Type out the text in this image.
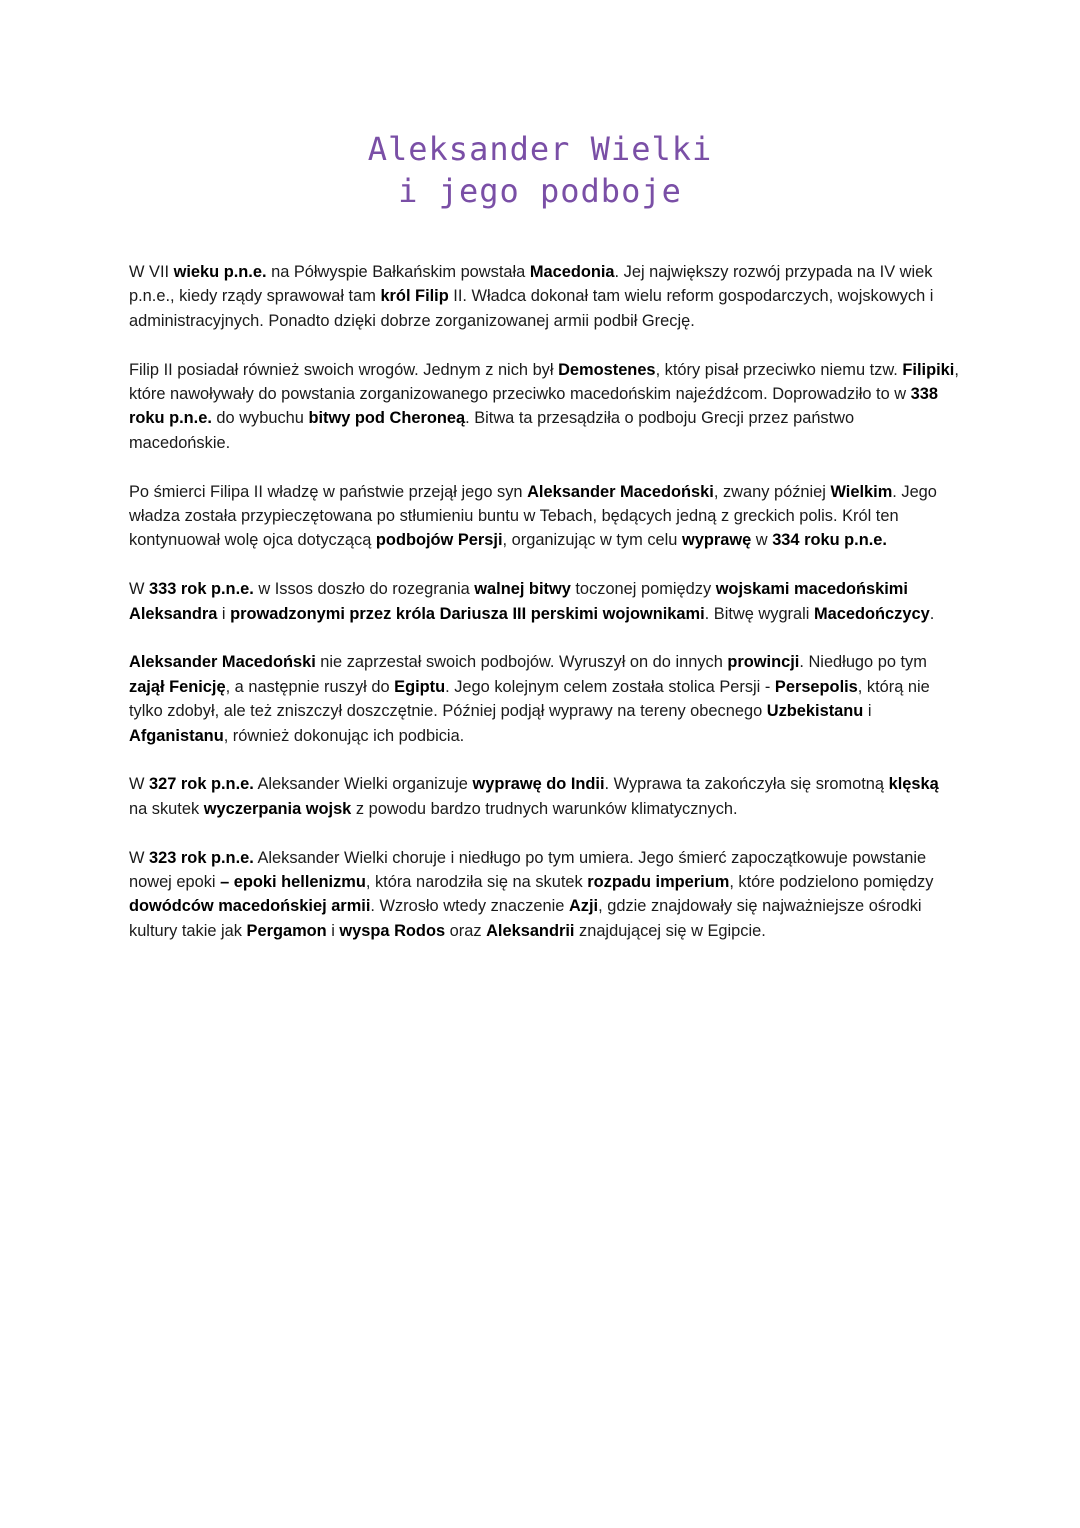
Aleksander Wielki
i jego podboje

W VII wieku p.n.e. na Półwyspie Bałkańskim powstała Macedonia. Jej największy rozwój przypada na IV wiek p.n.e., kiedy rządy sprawował tam król Filip II. Władca dokonał tam wielu reform gospodarczych, wojskowych i administracyjnych. Ponadto dzięki dobrze zorganizowanej armii podbił Grecję.

Filip II posiadał również swoich wrogów. Jednym z nich był Demostenes, który pisał przeciwko niemu tzw. Filipiki, które nawoływały do powstania zorganizowanego przeciwko macedońskim najeźdźcom. Doprowadziło to w 338 roku p.n.e. do wybuchu bitwy pod Cheroneą. Bitwa ta przesądziła o podboju Grecji przez państwo macedońskie.

Po śmierci Filipa II władzę w państwie przejął jego syn Aleksander Macedoński, zwany później Wielkim. Jego władza została przypieczętowana po stłumieniu buntu w Tebach, będących jedną z greckich polis. Król ten kontynuował wolę ojca dotyczącą podbojów Persji, organizując w tym celu wyprawę w 334 roku p.n.e.

W 333 rok p.n.e. w Issos doszło do rozegrania walnej bitwy toczonej pomiędzy wojskami macedońskimi Aleksandra i prowadzonymi przez króla Dariusza III perskimi wojownikami. Bitwę wygrali Macedończycy.

Aleksander Macedoński nie zaprzestał swoich podbojów. Wyruszył on do innych prowincji. Niedługo po tym zajął Fenicję, a następnie ruszył do Egiptu. Jego kolejnym celem została stolica Persji - Persepolis, którą nie tylko zdobył, ale też zniszczył doszczętnie. Później podjął wyprawy na tereny obecnego Uzbekistanu i Afganistanu, również dokonując ich podbicia.

W 327 rok p.n.e. Aleksander Wielki organizuje wyprawę do Indii. Wyprawa ta zakończyła się sromotną klęską na skutek wyczerpania wojsk z powodu bardzo trudnych warunków klimatycznych.

W 323 rok p.n.e. Aleksander Wielki choruje i niedługo po tym umiera. Jego śmierć zapoczątkowuje powstanie nowej epoki – epoki hellenizmu, która narodziła się na skutek rozpadu imperium, które podzielono pomiędzy dowódców macedońskiej armii. Wzrosło wtedy znaczenie Azji, gdzie znajdowały się najważniejsze ośrodki kultury takie jak Pergamon i wyspa Rodos oraz Aleksandrii znajdującej się w Egipcie.
